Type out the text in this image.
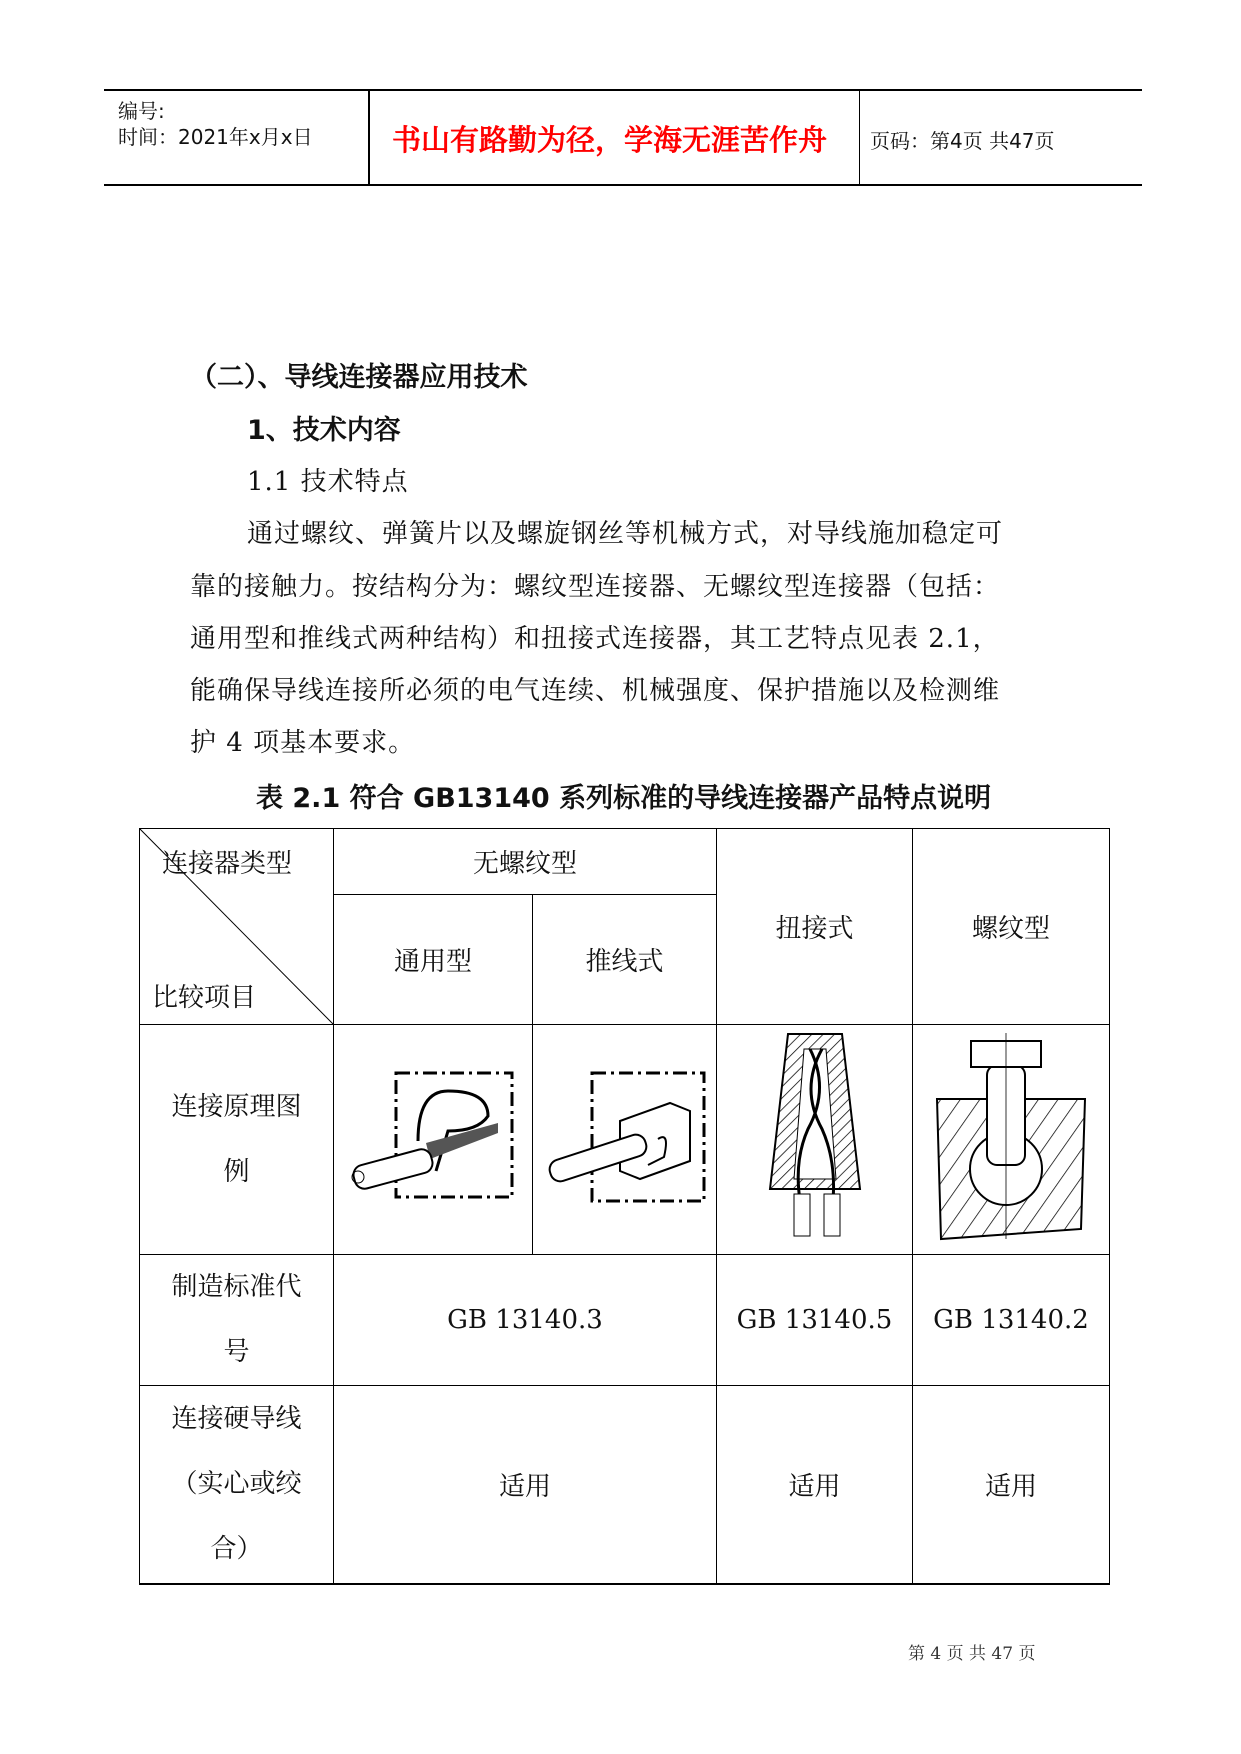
编号:
时间：2021年x月x日	书山有路勤为径，学海无涯苦作舟 页码：第4页 共47页
（二）、导线连接器应用技术
1、技术内容
1.1 技术特点
通过螺纹、弹簧片以及螺旋钢丝等机械方式，对导线施加稳定可
靠的接触力。按结构分为：螺纹型连接器、无螺纹型连接器（包括：
通用型和推线式两种结构）和扭接式连接器，其工艺特点见表 2.1，
能确保导线连接所必须的电气连续、机械强度、保护措施以及检测维
护 4 项基本要求。
表 2.1 符合 GB13140 系列标准的导线连接器产品特点说明
连接器类型
比较项目	无螺纹型		扭接式	螺纹型
	通用型	推线式		
连接原理图
例				
制造标准代
号	GB 13140.3		GB 13140.5	GB 13140.2
连接硬导线
（实心或绞
合）	适用		适用	适用
第 4 页 共 47 页
